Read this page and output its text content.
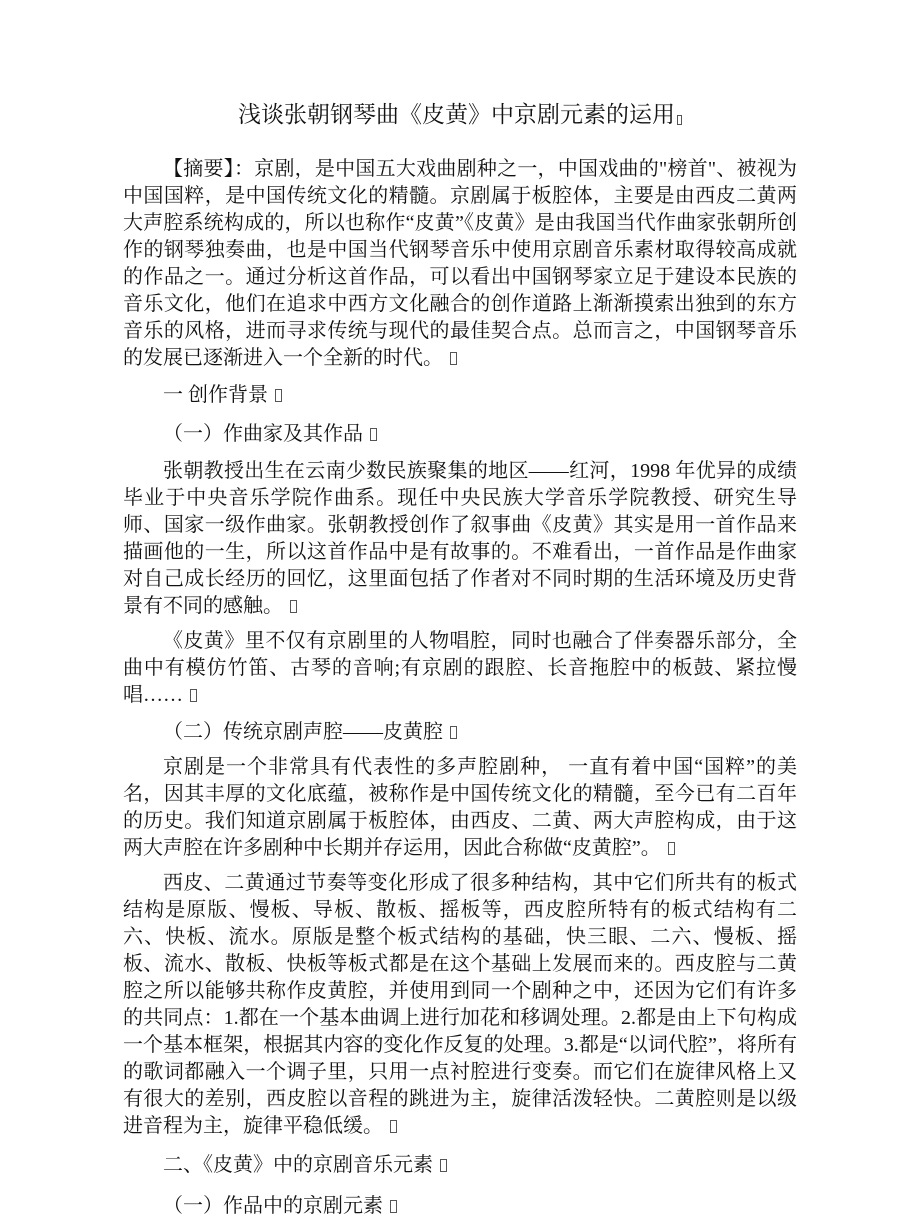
浅谈张朝钢琴曲《皮黄》中京剧元素的运用

【摘要】：京剧，是中国五大戏曲剧种之一，中国戏曲的"榜首"、被视为中国国粹，是中国传统文化的精髓。京剧属于板腔体，主要是由西皮二黄两大声腔系统构成的，所以也称作“皮黄”《皮黄》是由我国当代作曲家张朝所创作的钢琴独奏曲，也是中国当代钢琴音乐中使用京剧音乐素材取得较高成就的作品之一。通过分析这首作品，可以看出中国钢琴家立足于建设本民族的音乐文化，他们在追求中西方文化融合的创作道路上渐渐摸索出独到的东方音乐的风格，进而寻求传统与现代的最佳契合点。总而言之，中国钢琴音乐的发展已逐渐进入一个全新的时代。

一 创作背景

（一）作曲家及其作品

张朝教授出生在云南少数民族聚集的地区——红河，1998 年优异的成绩毕业于中央音乐学院作曲系。现任中央民族大学音乐学院教授、研究生导师、国家一级作曲家。张朝教授创作了叙事曲《皮黄》其实是用一首作品来描画他的一生，所以这首作品中是有故事的。不难看出，一首作品是作曲家对自己成长经历的回忆，这里面包括了作者对不同时期的生活环境及历史背景有不同的感触。

《皮黄》里不仅有京剧里的人物唱腔，同时也融合了伴奏器乐部分，全曲中有模仿竹笛、古琴的音响;有京剧的跟腔、长音拖腔中的板鼓、紧拉慢唱……

（二）传统京剧声腔——皮黄腔

京剧是一个非常具有代表性的多声腔剧种， 一直有着中国“国粹”的美名，因其丰厚的文化底蕴，被称作是中国传统文化的精髓，至今已有二百年的历史。我们知道京剧属于板腔体，由西皮、二黄、两大声腔构成，由于这两大声腔在许多剧种中长期并存运用，因此合称做“皮黄腔”。

西皮、二黄通过节奏等变化形成了很多种结构，其中它们所共有的板式结构是原版、慢板、导板、散板、摇板等，西皮腔所特有的板式结构有二六、快板、流水。原版是整个板式结构的基础，快三眼、二六、慢板、摇板、流水、散板、快板等板式都是在这个基础上发展而来的。西皮腔与二黄腔之所以能够共称作皮黄腔，并使用到同一个剧种之中，还因为它们有许多的共同点：1.都在一个基本曲调上进行加花和移调处理。2.都是由上下句构成一个基本框架，根据其内容的变化作反复的处理。3.都是“以词代腔”，将所有的歌词都融入一个调子里，只用一点衬腔进行变奏。而它们在旋律风格上又有很大的差别，西皮腔以音程的跳进为主，旋律活泼轻快。二黄腔则是以级进音程为主，旋律平稳低缓。

二、《皮黄》中的京剧音乐元素

（一）作品中的京剧元素
